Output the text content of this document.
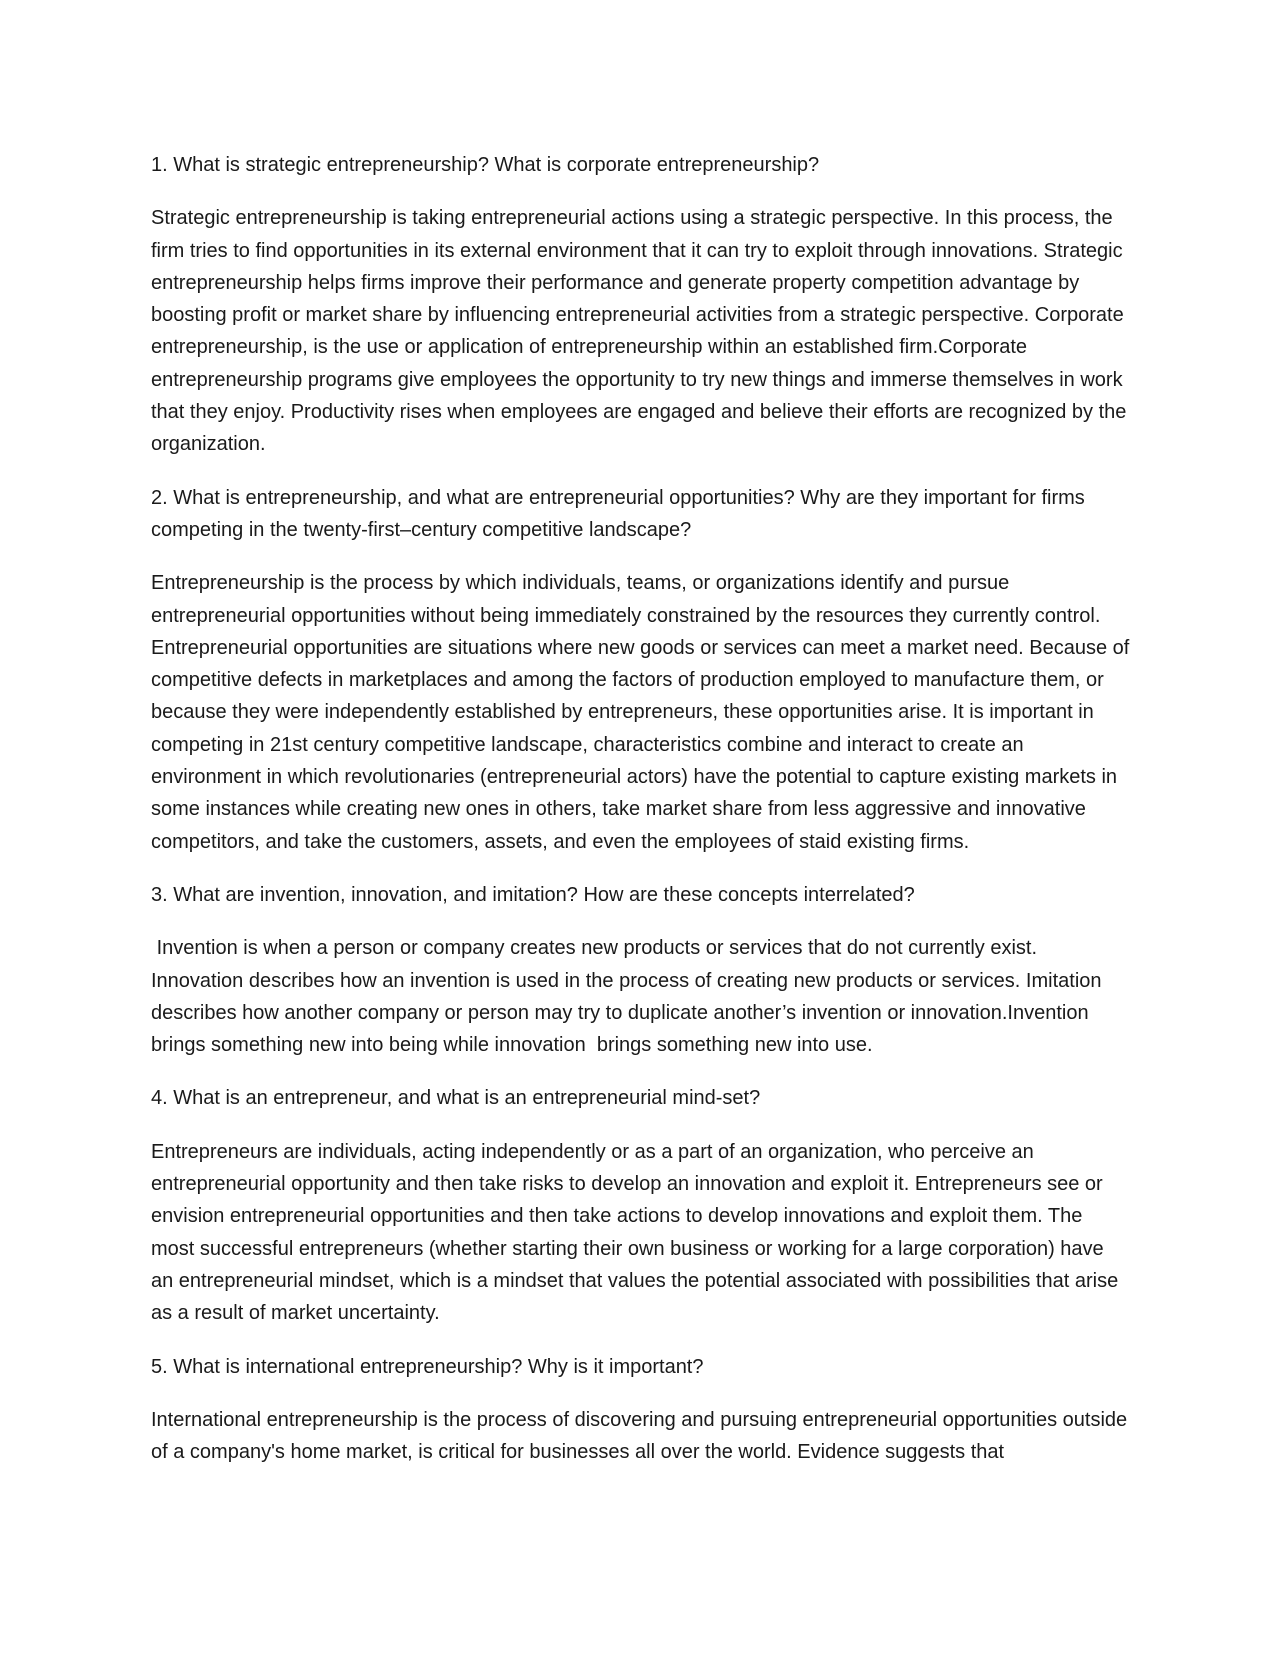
1. What is strategic entrepreneurship? What is corporate entrepreneurship?

Strategic entrepreneurship is taking entrepreneurial actions using a strategic perspective. In this process, the firm tries to find opportunities in its external environment that it can try to exploit through innovations. Strategic entrepreneurship helps firms improve their performance and generate property competition advantage by boosting profit or market share by influencing entrepreneurial activities from a strategic perspective. Corporate entrepreneurship, is the use or application of entrepreneurship within an established firm.Corporate entrepreneurship programs give employees the opportunity to try new things and immerse themselves in work that they enjoy. Productivity rises when employees are engaged and believe their efforts are recognized by the organization.

2. What is entrepreneurship, and what are entrepreneurial opportunities? Why are they important for firms competing in the twenty-first–century competitive landscape?

Entrepreneurship is the process by which individuals, teams, or organizations identify and pursue entrepreneurial opportunities without being immediately constrained by the resources they currently control. Entrepreneurial opportunities are situations where new goods or services can meet a market need. Because of competitive defects in marketplaces and among the factors of production employed to manufacture them, or because they were independently established by entrepreneurs, these opportunities arise. It is important in competing in 21st century competitive landscape, characteristics combine and interact to create an environment in which revolutionaries (entrepreneurial actors) have the potential to capture existing markets in some instances while creating new ones in others, take market share from less aggressive and innovative competitors, and take the customers, assets, and even the employees of staid existing firms.

3. What are invention, innovation, and imitation? How are these concepts interrelated?

Invention is when a person or company creates new products or services that do not currently exist. Innovation describes how an invention is used in the process of creating new products or services. Imitation describes how another company or person may try to duplicate another’s invention or innovation.Invention  brings something new into being while innovation  brings something new into use.

4. What is an entrepreneur, and what is an entrepreneurial mind-set?

Entrepreneurs are individuals, acting independently or as a part of an organization, who perceive an entrepreneurial opportunity and then take risks to develop an innovation and exploit it. Entrepreneurs see or envision entrepreneurial opportunities and then take actions to develop innovations and exploit them. The most successful entrepreneurs (whether starting their own business or working for a large corporation) have an entrepreneurial mindset, which is a mindset that values the potential associated with possibilities that arise as a result of market uncertainty.

5. What is international entrepreneurship? Why is it important?

International entrepreneurship is the process of discovering and pursuing entrepreneurial opportunities outside of a company's home market, is critical for businesses all over the world. Evidence suggests that
